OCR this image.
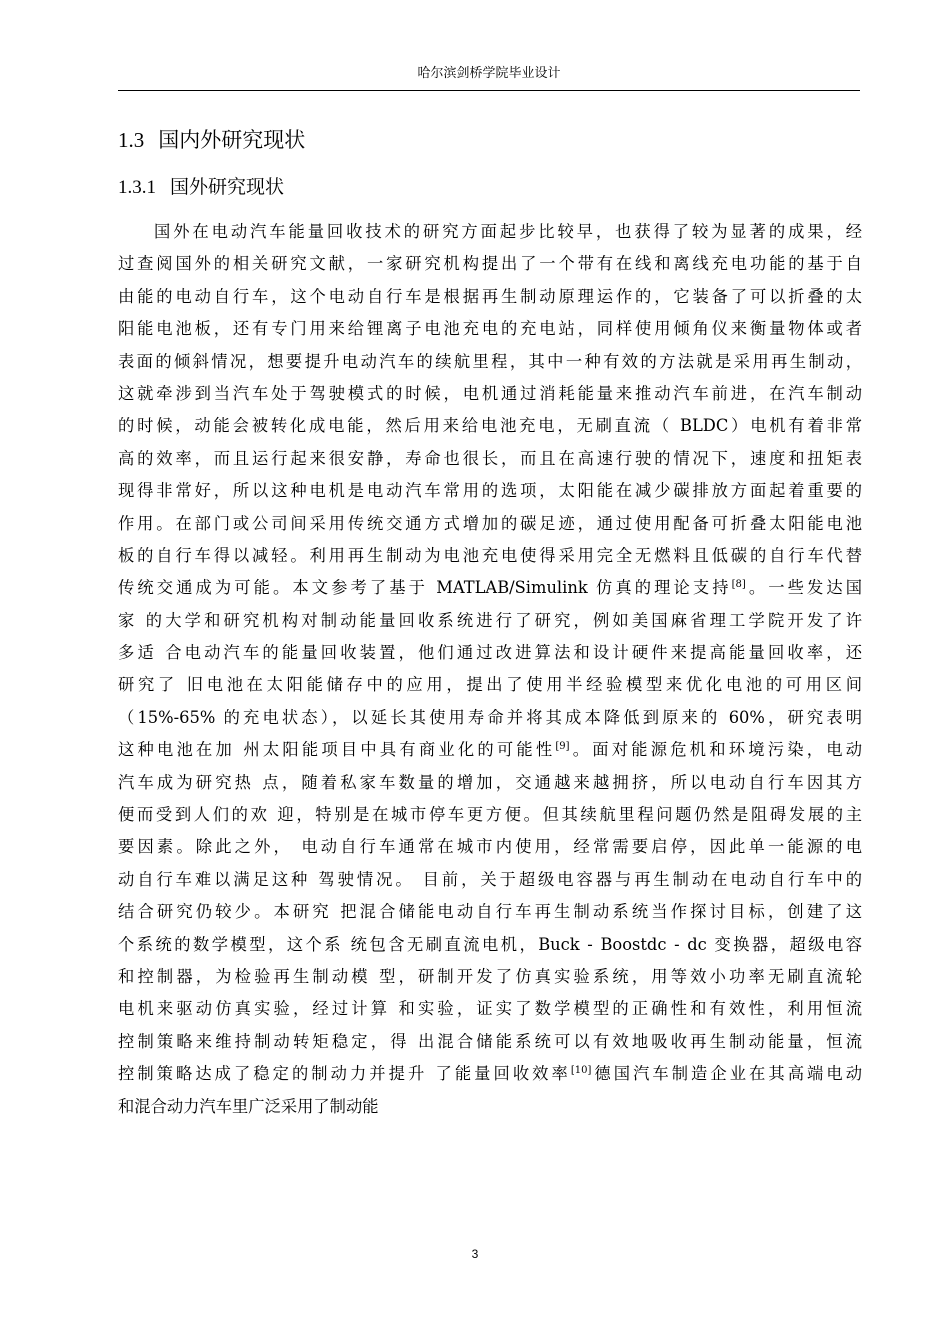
哈尔滨剑桥学院毕业设计
1.3 国内外研究现状
1.3.1 国外研究现状
国外在电动汽车能量回收技术的研究方面起步比较早，也获得了较为显著的成果，经
过查阅国外的相关研究文献，一家研究机构提出了一个带有在线和离线充电功能的基于自
由能的电动自行车，这个电动自行车是根据再生制动原理运作的，它装备了可以折叠的太
阳能电池板，还有专门用来给锂离子电池充电的充电站，同样使用倾角仪来衡量物体或者
表面的倾斜情况，想要提升电动汽车的续航里程，其中一种有效的方法就是采用再生制动，
这就牵涉到当汽车处于驾驶模式的时候，电机通过消耗能量来推动汽车前进，在汽车制动
的时候，动能会被转化成电能，然后用来给电池充电，无刷直流（ BLDC）电机有着非常
高的效率，而且运行起来很安静，寿命也很长，而且在高速行驶的情况下，速度和扭矩表
现得非常好，所以这种电机是电动汽车常用的选项，太阳能在减少碳排放方面起着重要的
作用。在部门或公司间采用传统交通方式增加的碳足迹，通过使用配备可折叠太阳能电池
板的自行车得以减轻。利用再生制动为电池充电使得采用完全无燃料且低碳的自行车代替
传统交通成为可能。本文参考了基于 MATLAB/Simulink 仿真的理论支持[8]。一些发达国
家 的大学和研究机构对制动能量回收系统进行了研究，例如美国麻省理工学院开发了许
多适 合电动汽车的能量回收装置，他们通过改进算法和设计硬件来提高能量回收率，还
研究了 旧电池在太阳能储存中的应用，提出了使用半经验模型来优化电池的可用区间
（15%-65% 的充电状态），以延长其使用寿命并将其成本降低到原来的 60%，研究表明
这种电池在加 州太阳能项目中具有商业化的可能性[9]。面对能源危机和环境污染，电动
汽车成为研究热 点，随着私家车数量的增加，交通越来越拥挤，所以电动自行车因其方
便而受到人们的欢 迎，特别是在城市停车更方便。但其续航里程问题仍然是阻碍发展的主
要因素。除此之外， 电动自行车通常在城市内使用，经常需要启停，因此单一能源的电
动自行车难以满足这种 驾驶情况。 目前，关于超级电容器与再生制动在电动自行车中的
结合研究仍较少。本研究 把混合储能电动自行车再生制动系统当作探讨目标，创建了这
个系统的数学模型，这个系 统包含无刷直流电机，Buck - Boostdc - dc 变换器，超级电容
和控制器，为检验再生制动模 型，研制开发了仿真实验系统，用等效小功率无刷直流轮
电机来驱动仿真实验，经过计算 和实验，证实了数学模型的正确性和有效性，利用恒流
控制策略来维持制动转矩稳定，得 出混合储能系统可以有效地吸收再生制动能量，恒流
控制策略达成了稳定的制动力并提升 了能量回收效率[10]德国汽车制造企业在其高端电动
和混合动力汽车里广泛采用了制动能
3
